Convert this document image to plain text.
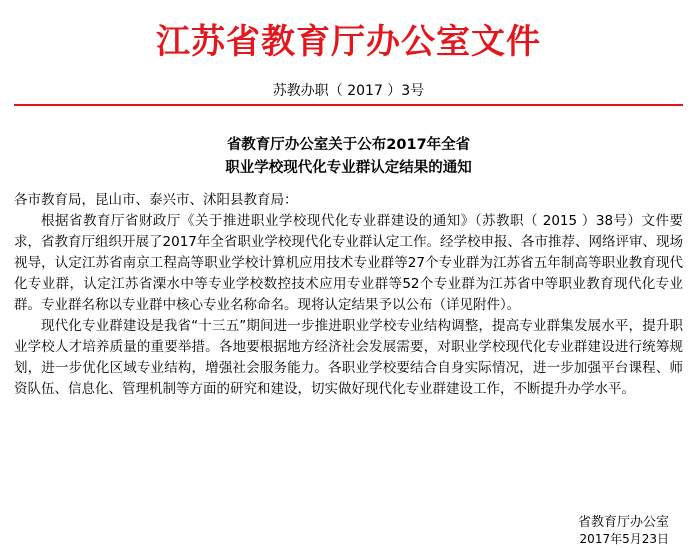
江苏省教育厅办公室文件
苏教办职（ 2017 ）3号
省教育厅办公室关于公布2017年全省
职业学校现代化专业群认定结果的通知

各市教育局，昆山市、泰兴市、沭阳县教育局：

根据省教育厅省财政厅《关于推进职业学校现代化专业群建设的通知》（苏教职（ 2015 ）38号）文件要求，省教育厅组织开展了2017年全省职业学校现代化专业群认定工作。经学校申报、各市推荐、网络评审、现场视导，认定江苏省南京工程高等职业学校计算机应用技术专业群等27个专业群为江苏省五年制高等职业教育现代化专业群，认定江苏省溧水中等专业学校数控技术应用专业群等52个专业群为江苏省中等职业教育现代化专业群。专业群名称以专业群中核心专业名称命名。现将认定结果予以公布（详见附件）。

现代化专业群建设是我省“十三五”期间进一步推进职业学校专业结构调整，提高专业群集发展水平，提升职业学校人才培养质量的重要举措。各地要根据地方经济社会发展需要，对职业学校现代化专业群建设进行统筹规划，进一步优化区域专业结构，增强社会服务能力。各职业学校要结合自身实际情况，进一步加强平台课程、师资队伍、信息化、管理机制等方面的研究和建设，切实做好现代化专业群建设工作，不断提升办学水平。

省教育厅办公室
2017年5月23日
